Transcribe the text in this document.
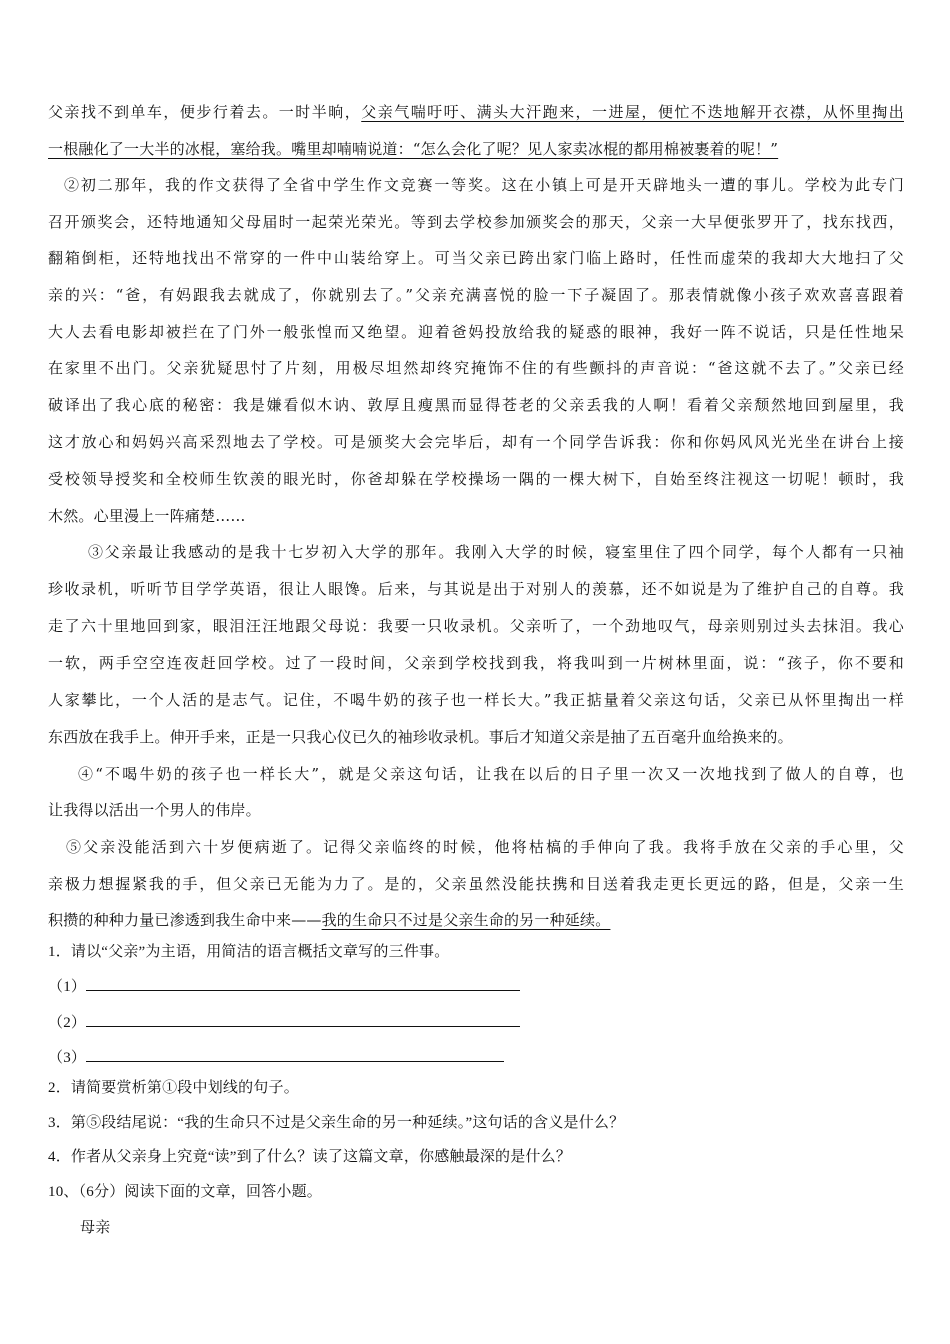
父亲找不到单车，便步行着去。一时半晌，父亲气喘吁吁、满头大汗跑来，一进屋，便忙不迭地解开衣襟，从怀里掏出
一根融化了一大半的冰棍，塞给我。嘴里却喃喃说道：“怎么会化了呢？见人家卖冰棍的都用棉被裹着的呢！”
②初二那年，我的作文获得了全省中学生作文竞赛一等奖。这在小镇上可是开天辟地头一遭的事儿。学校为此专门
召开颁奖会，还特地通知父母届时一起荣光荣光。等到去学校参加颁奖会的那天，父亲一大早便张罗开了，找东找西，
翻箱倒柜，还特地找出不常穿的一件中山装给穿上。可当父亲已跨出家门临上路时，任性而虚荣的我却大大地扫了父
亲的兴：“爸，有妈跟我去就成了，你就别去了。”父亲充满喜悦的脸一下子凝固了。那表情就像小孩子欢欢喜喜跟着
大人去看电影却被拦在了门外一般张惶而又绝望。迎着爸妈投放给我的疑惑的眼神，我好一阵不说话，只是任性地呆
在家里不出门。父亲犹疑思忖了片刻，用极尽坦然却终究掩饰不住的有些颤抖的声音说：“爸这就不去了。”父亲已经
破译出了我心底的秘密：我是嫌看似木讷、敦厚且瘦黑而显得苍老的父亲丢我的人啊！看着父亲颓然地回到屋里，我
这才放心和妈妈兴高采烈地去了学校。可是颁奖大会完毕后，却有一个同学告诉我：你和你妈风风光光坐在讲台上接
受校领导授奖和全校师生钦羡的眼光时，你爸却躲在学校操场一隅的一棵大树下，自始至终注视这一切呢！顿时，我
木然。心里漫上一阵痛楚……
③父亲最让我感动的是我十七岁初入大学的那年。我刚入大学的时候，寝室里住了四个同学，每个人都有一只袖
珍收录机，听听节目学学英语，很让人眼馋。后来，与其说是出于对别人的羡慕，还不如说是为了维护自己的自尊。我
走了六十里地回到家，眼泪汪汪地跟父母说：我要一只收录机。父亲听了，一个劲地叹气，母亲则别过头去抹泪。我心
一软，两手空空连夜赶回学校。过了一段时间，父亲到学校找到我，将我叫到一片树林里面，说：“孩子，你不要和
人家攀比，一个人活的是志气。记住，不喝牛奶的孩子也一样长大。”我正掂量着父亲这句话，父亲已从怀里掏出一样
东西放在我手上。伸开手来，正是一只我心仪已久的袖珍收录机。事后才知道父亲是抽了五百毫升血给换来的。
④“不喝牛奶的孩子也一样长大”，就是父亲这句话，让我在以后的日子里一次又一次地找到了做人的自尊，也
让我得以活出一个男人的伟岸。
⑤父亲没能活到六十岁便病逝了。记得父亲临终的时候，他将枯槁的手伸向了我。我将手放在父亲的手心里，父
亲极力想握紧我的手，但父亲已无能为力了。是的，父亲虽然没能扶携和目送着我走更长更远的路，但是，父亲一生
积攒的种种力量已渗透到我生命中来——我的生命只不过是父亲生命的另一种延续。
1．请以“父亲”为主语，用简洁的语言概括文章写的三件事。
（1）
（2）
（3）
2．请简要赏析第①段中划线的句子。
3．第⑤段结尾说：“我的生命只不过是父亲生命的另一种延续。”这句话的含义是什么？
4．作者从父亲身上究竟“读”到了什么？读了这篇文章，你感触最深的是什么？
10、（6分）阅读下面的文章，回答小题。
母亲
